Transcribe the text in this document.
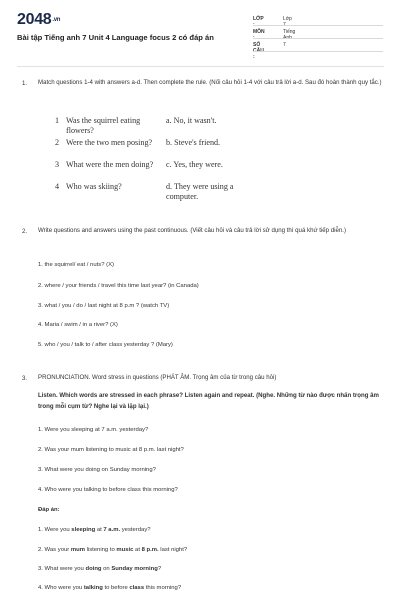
2048.vn
Bài tập Tiếng anh 7 Unit 4 Language focus 2 có đáp án
LỚP	Lớp
MÔN	Tiếng
SỐ :
7
1. Match questions 1-4 with answers a-d. Then complete the rule. (Nối câu hỏi 1-4 với câu trả lời a-d. Sau đó hoàn thành quy tắc.)
1 Was the squirrel eating flowers?
2 Were the two men posing?
3 What were the men doing?
4 Who was skiing?
a. No, it wasn't.
b. Steve's friend.
c. Yes, they were.
d. They were using a computer.
2. Write questions and answers using the past continuous. (Viết câu hỏi và câu trả lời sử dụng thì quá khứ tiếp diễn.)
1. the squirrel/ eat / nuts? (X)
2. where / your friends / travel this time last year? (in Canada)
3. what / you / do / last night at 8 p.m ? (watch TV)
4. Maria / swim / in a river? (X)
5. who / you / talk to / after class yesterday ? (Mary)
3. PRONUNCIATION. Word stress in questions (PHÁT ÂM. Trọng âm của từ trong câu hỏi)
Listen. Which words are stressed in each phrase? Listen again and repeat. (Nghe. Những từ nào được nhấn trọng âm trong mỗi cụm từ? Nghe lại và lặp lại.)
1. Were you sleeping at 7 a.m. yesterday?
2. Was your mum listening to music at 8 p.m. last night?
3. What were you doing on Sunday morning?
4. Who were you talking to before class this morning?
Đáp án:
1. Were you sleeping at 7 a.m. yesterday?
2. Was your mum listening to music at 8 p.m. last night?
3. What were you doing on Sunday morning?
4. Who were you talking to before class this morning?
